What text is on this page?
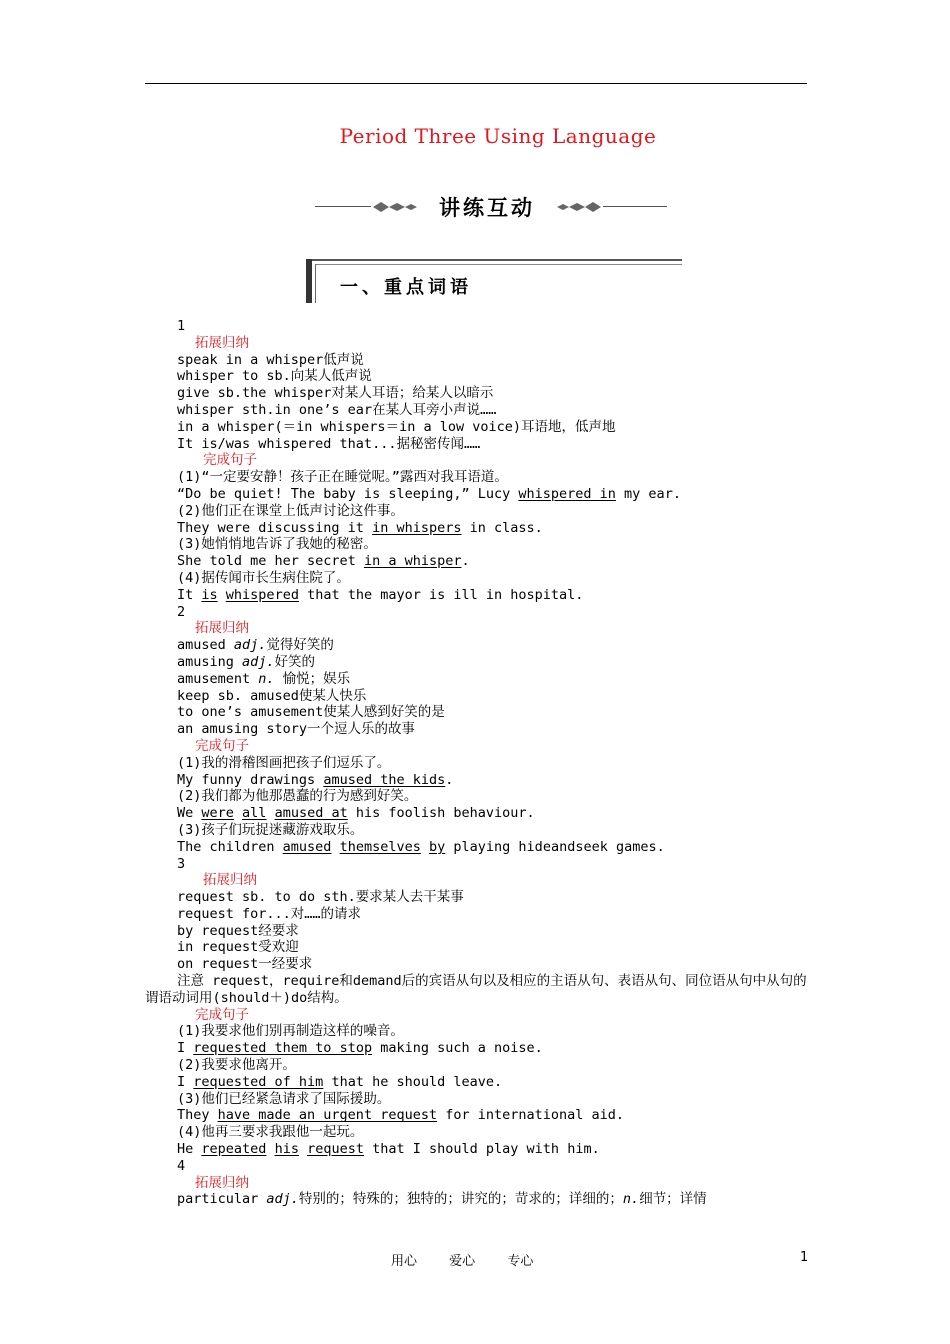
Period Three Using Language
讲练互动
一、重点词语
1
拓展归纳
speak in a whisper低声说
whisper to sb.向某人低声说
give sb.the whisper对某人耳语；给某人以暗示
whisper sth.in one’s ear在某人耳旁小声说……
in a whisper(＝in whispers＝in a low voice)耳语地，低声地
It is/was whispered that...据秘密传闻……
完成句子
(1)“一定要安静！孩子正在睡觉呢。”露西对我耳语道。
“Do be quiet! The baby is sleeping,” Lucy whispered in my ear.
(2)他们正在课堂上低声讨论这件事。
They were discussing it in whispers in class.
(3)她悄悄地告诉了我她的秘密。
She told me her secret in a whisper.
(4)据传闻市长生病住院了。
It is whispered that the mayor is ill in hospital.
2
拓展归纳
amused adj.觉得好笑的
amusing adj.好笑的
amusement n. 愉悦；娱乐
keep sb. amused使某人快乐
to one’s amusement使某人感到好笑的是
an amusing story一个逗人乐的故事
完成句子
(1)我的滑稽图画把孩子们逗乐了。
My funny drawings amused the kids.
(2)我们都为他那愚蠢的行为感到好笑。
We were all amused at his foolish behaviour.
(3)孩子们玩捉迷藏游戏取乐。
The children amused themselves by playing hideandseek games.
3
拓展归纳
request sb. to do sth.要求某人去干某事
request for...对……的请求
by request经要求
in request受欢迎
on request一经要求
注意 request，require和demand后的宾语从句以及相应的主语从句、表语从句、同位语从句中从句的谓语动词用(should＋)do结构。
完成句子
(1)我要求他们别再制造这样的噪音。
I requested them to stop making such a noise.
(2)我要求他离开。
I requested of him that he should leave.
(3)他们已经紧急请求了国际援助。
They have made an urgent request for international aid.
(4)他再三要求我跟他一起玩。
He repeated his request that I should play with him.
4
拓展归纳
particular adj.特别的；特殊的；独特的；讲究的；苛求的；详细的；n.细节；详情
用心 爱心 专心	1
